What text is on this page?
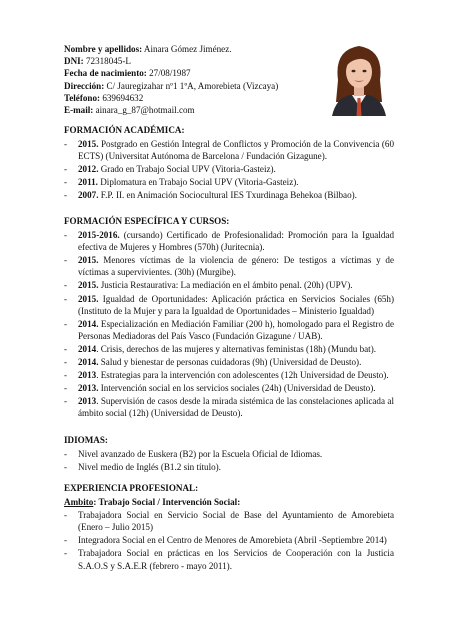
Nombre y apellidos: Ainara Gómez Jiménez.
DNI: 72318045-L
Fecha de nacimiento: 27/08/1987
Dirección: C/ Jauregizahar nº1 1ºA, Amorebieta (Vizcaya)
Teléfono: 639694632
E-mail: ainara_g_87@hotmail.com
FORMACIÓN ACADÉMICA:
- 2015. Postgrado en Gestión Integral de Conflictos y Promoción de la Convivencia (60 ECTS) (Universitat Autónoma de Barcelona / Fundación Gizagune).
- 2012. Grado en Trabajo Social UPV (Vitoria-Gasteiz).
- 2011. Diplomatura en Trabajo Social UPV (Vitoria-Gasteiz).
- 2007. F.P. II. en Animación Sociocultural IES Txurdinaga Behekoa (Bilbao).
FORMACIÓN ESPECÍFICA Y CURSOS:
- 2015-2016. (cursando) Certificado de Profesionalidad: Promoción para la Igualdad efectiva de Mujeres y Hombres (570h) (Juritecnia).
- 2015. Menores víctimas de la violencia de género: De testigos a víctimas y de víctimas a supervivientes. (30h) (Murgibe).
- 2015. Justicia Restaurativa: La mediación en el ámbito penal. (20h) (UPV).
- 2015. Igualdad de Oportunidades: Aplicación práctica en Servicios Sociales (65h) (Instituto de la Mujer y para la Igualdad de Oportunidades – Ministerio Igualdad)
- 2014. Especialización en Mediación Familiar (200 h), homologado para el Registro de Personas Mediadoras del País Vasco (Fundación Gizagune / UAB).
- 2014. Crisis, derechos de las mujeres y alternativas feministas (18h) (Mundu bat).
- 2014. Salud y bienestar de personas cuidadoras (9h) (Universidad de Deusto).
- 2013. Estrategias para la intervención con adolescentes (12h Universidad de Deusto).
- 2013. Intervención social en los servicios sociales (24h) (Universidad de Deusto).
- 2013. Supervisión de casos desde la mirada sistémica de las constelaciones aplicada al ámbito social (12h) (Universidad de Deusto).
IDIOMAS:
- Nivel avanzado de Euskera (B2) por la Escuela Oficial de Idiomas.
- Nivel medio de Inglés (B1.2 sin título).
EXPERIENCIA PROFESIONAL:
Ambito: Trabajo Social / Intervención Social:
- Trabajadora Social en Servicio Social de Base del Ayuntamiento de Amorebieta (Enero – Julio 2015)
- Integradora Social en el Centro de Menores de Amorebieta (Abril -Septiembre 2014)
- Trabajadora Social en prácticas en los Servicios de Cooperación con la Justicia S.A.O.S y S.A.E.R (febrero - mayo 2011).
